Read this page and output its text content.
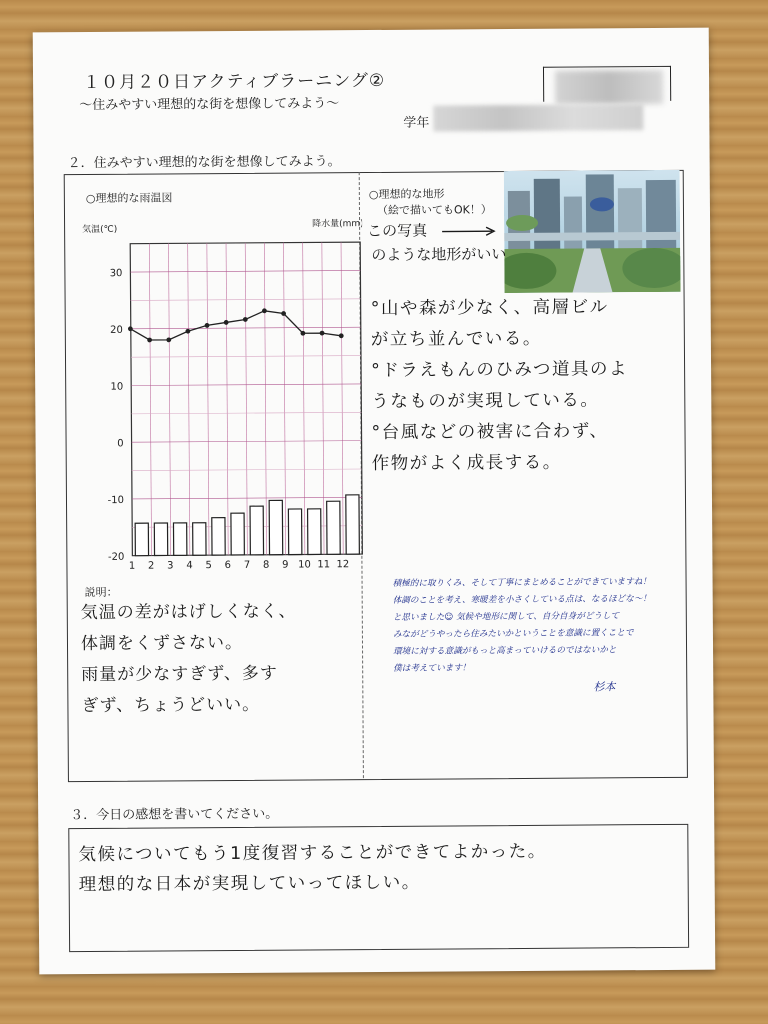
１０月２０日アクティブラーニング②
〜住みやすい理想的な街を想像してみよう〜
学年
２．住みやすい理想的な街を想像してみよう。
○理想的な雨温図
気温(℃)
降水量(mm)
30
20
10
0
-10
-20
1 2 3 4 5 6 7 8 9 10 11 12
説明：
気温の差がはげしくなく、
体調をくずさない。
雨量が少なすぎず、多す
ぎず、ちょうどいい。
○理想的な地形
（絵で描いてもOK！）
この写真
のような地形がいい
°山や森が少なく、高層ビル
が立ち並んでいる。
°ドラえもんのひみつ道具のよ
うなものが実現している。
°台風などの被害に合わず、
作物がよく成長する。
積極的に取りくみ、そして丁寧にまとめることができていますね！
体調のことを考え、寒暖差を小さくしている点は、なるほどな〜！
と思いました☺ 気候や地形に関して、自分自身がどうして
みながどうやったら住みたいかということを意識に置くことで
環境に対する意識がもっと高まっていけるのではないかと
僕は考えています！
杉本
３．今日の感想を書いてください。
気候についてもう1度復習することができてよかった。
理想的な日本が実現していってほしい。
